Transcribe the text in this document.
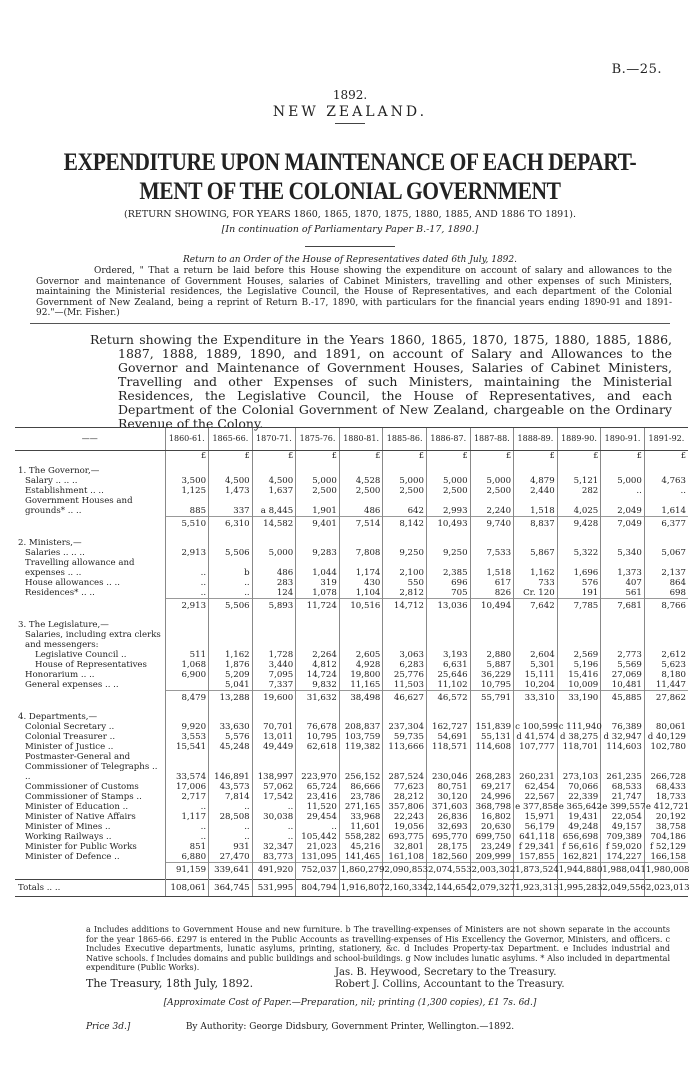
B.—25.
1892.
NEW ZEALAND.
EXPENDITURE UPON MAINTENANCE OF EACH DEPART-
MENT OF THE COLONIAL GOVERNMENT
(RETURN SHOWING, FOR YEARS 1860, 1865, 1870, 1875, 1880, 1885, AND 1886 TO 1891).
[In continuation of Parliamentary Paper B.-17, 1890.]
Return to an Order of the House of Representatives dated 6th July, 1892.
Ordered, " That a return be laid before this House showing the expenditure on account of salary and allowances to the Governor and maintenance of Government Houses, salaries of Cabinet Ministers, travelling and other expenses of such Ministers, maintaining the Ministerial residences, the Legislative Council, the House of Representatives, and each department of the Colonial Government of New Zealand, being a reprint of Return B.-17, 1890, with particulars for the financial years ending 1890-91 and 1891-92."—(Mr. Fisher.)
Return showing the Expenditure in the Years 1860, 1865, 1870, 1875, 1880, 1885, 1886, 1887, 1888, 1889, 1890, and 1891, on account of Salary and Allowances to the Governor and Maintenance of Government Houses, Salaries of Cabinet Ministers, Travelling and other Expenses of such Ministers, maintaining the Ministerial Residences, the Legislative Council, the House of Representatives, and each Department of the Colonial Government of New Zealand, chargeable on the Ordinary Revenue of the Colony.
——	1860-61.	1865-66.	1870-71.	1875-76.	1880-81.	1885-86.	1886-87.	1887-88.	1888-89.	1889-90.	1890-91.	1891-92.
	£	£	£	£	£	£	£	£	£	£	£	£
1. The Governor,—												
Salary .. .. ..	3,500	4,500	4,500	5,000	4,528	5,000	5,000	5,000	4,879	5,121	5,000	4,763
Establishment .. ..	1,125	1,473	1,637	2,500	2,500	2,500	2,500	2,500	2,440	282	..	..
Government Houses and grounds* .. ..	885	337	a 8,445	1,901	486	642	2,993	2,240	1,518	4,025	2,049	1,614
	5,510	6,310	14,582	9,401	7,514	8,142	10,493	9,740	8,837	9,428	7,049	6,377
2. Ministers,—												
Salaries .. .. ..	2,913	5,506	5,000	9,283	7,808	9,250	9,250	7,533	5,867	5,322	5,340	5,067
Travelling allowance and expenses .. ..	..	b	486	1,044	1,174	2,100	2,385	1,518	1,162	1,696	1,373	2,137
House allowances .. ..	..	..	283	319	430	550	696	617	733	576	407	864
Residences* .. ..	..	..	124	1,078	1,104	2,812	705	826	Cr. 120	191	561	698
	2,913	5,506	5,893	11,724	10,516	14,712	13,036	10,494	7,642	7,785	7,681	8,766
3. The Legislature,—												
Salaries, including extra clerks and messengers:												
Legislative Council ..	511	1,162	1,728	2,264	2,605	3,063	3,193	2,880	2,604	2,569	2,773	2,612
House of Representatives	1,068	1,876	3,440	4,812	4,928	6,283	6,631	5,887	5,301	5,196	5,569	5,623
Honorarium .. ..	6,900	5,209	7,095	14,724	19,800	25,776	25,646	36,229	15,111	15,416	27,069	8,180
General expenses .. ..		5,041	7,337	9,832	11,165	11,503	11,102	10,795	10,204	10,009	10,481	11,447
	8,479	13,288	19,600	31,632	38,498	46,627	46,572	55,791	33,310	33,190	45,885	27,862
4. Departments,—												
Colonial Secretary ..	9,920	33,630	70,701	76,678	208,837	237,304	162,727	151,839	c 100,599	c 111,940	76,389	80,061
Colonial Treasurer ..	3,553	5,576	13,011	10,795	103,759	59,735	54,691	55,131	d 41,574	d 38,275	d 32,947	d 40,129
Minister of Justice ..	15,541	45,248	49,449	62,618	119,382	113,666	118,571	114,608	107,777	118,701	114,603	102,780
Postmaster-General and Commissioner of Telegraphs .. ..	33,574	146,891	138,997	223,970	256,152	287,524	230,046	268,283	260,231	273,103	261,235	266,728
Commissioner of Customs	17,006	43,573	57,062	65,724	86,666	77,623	80,751	69,217	62,454	70,066	68,533	68,433
Commissioner of Stamps ..	2,717	7,814	17,542	23,416	23,786	28,212	30,120	24,996	22,567	22,339	21,747	18,733
Minister of Education ..	..	..	..	11,520	271,165	357,806	371,603	368,798	e 377,858	e 365,642	e 399,557	e 412,721
Minister of Native Affairs	1,117	28,508	30,038	29,454	33,968	22,243	26,836	16,802	15,971	19,431	22,054	20,192
Minister of Mines ..	..	..	..	..	11,601	19,056	32,693	20,630	56,179	49,248	49,157	38,758
Working Railways ..	..	..	..	105,442	558,282	693,775	695,770	699,750	641,118	656,698	709,389	704,186
Minister for Public Works	851	931	32,347	21,023	45,216	32,801	28,175	23,249	f 29,341	f 56,616	f 59,020	f 52,129
Minister of Defence ..	6,880	27,470	83,773	131,095	141,465	161,108	182,560	209,999	157,855	162,821	174,227	166,158
	91,159	339,641	491,920	752,037	1,860,279	2,090,853	2,074,553	2,003,302	1,873,524	1,944,880	1,988,041	1,980,008
Totals .. ..	108,061	364,745	531,995	804,794	1,916,807	2,160,334	2,144,654	2,079,327	1,923,313	1,995,283	2,049,556	2,023,013
a Includes additions to Government House and new furniture. b The travelling-expenses of Ministers are not shown separate in the accounts for the year 1865-66. £297 is entered in the Public Accounts as travelling-expenses of His Excellency the Governor, Ministers, and officers. c Includes Executive departments, lunatic asylums, printing, stationery, &c. d Includes Property-tax Department. e Includes industrial and Native schools. f Includes domains and public buildings and school-buildings. g Now includes lunatic asylums. * Also included in departmental expenditure (Public Works).
The Treasury, 18th July, 1892.
Jas. B. Heywood, Secretary to the Treasury.
Robert J. Collins, Accountant to the Treasury.
[Approximate Cost of Paper.—Preparation, nil; printing (1,300 copies), £1 7s. 6d.]
Price 3d.]	By Authority: George Didsbury, Government Printer, Wellington.—1892.
